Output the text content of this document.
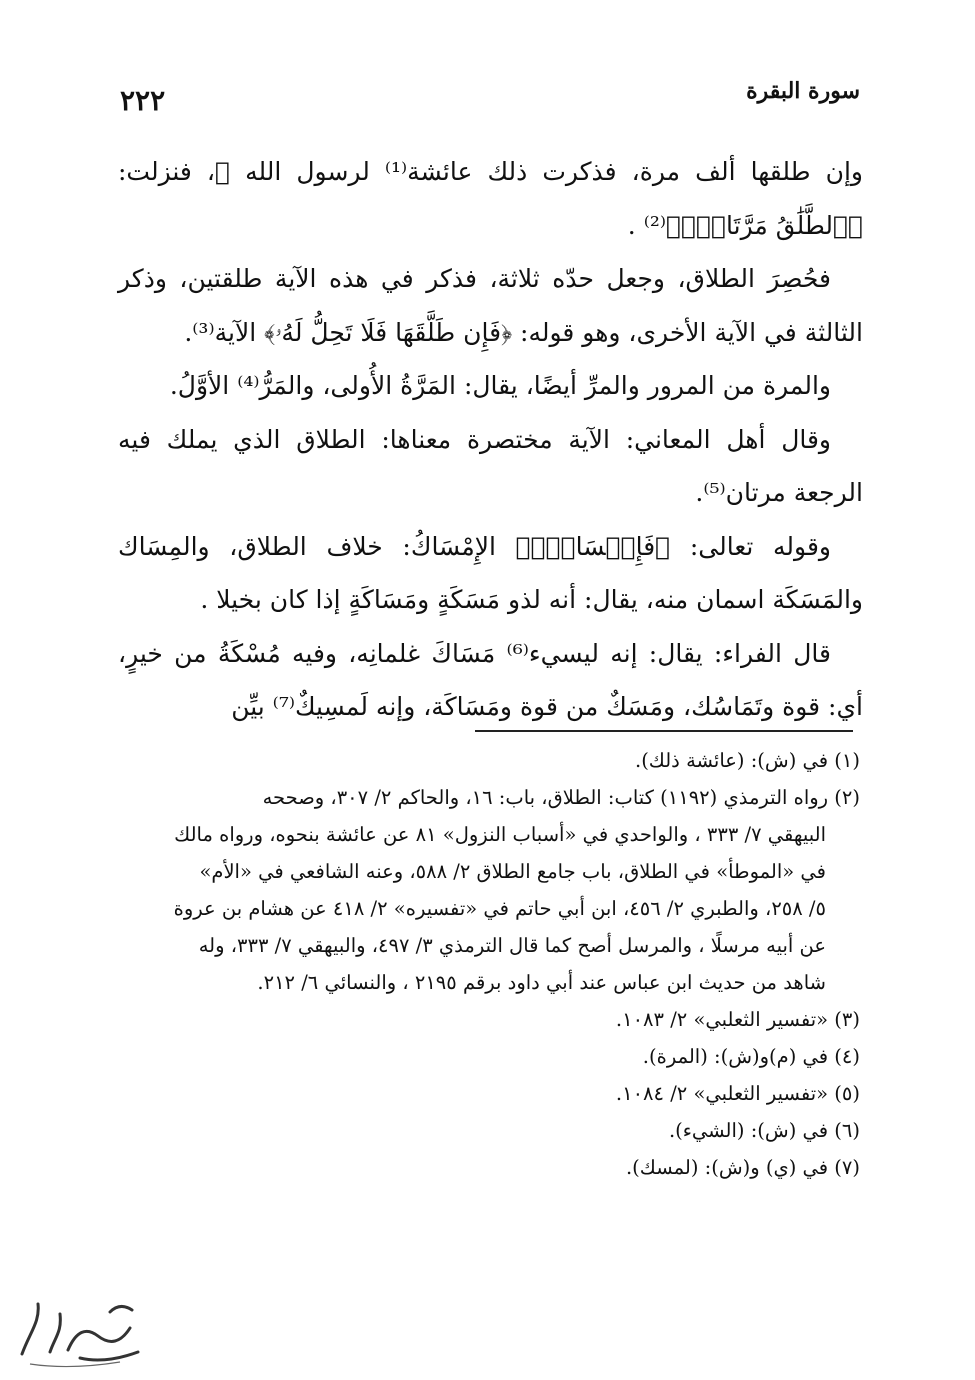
٢٢٢	سورة البقرة

وإن طلقها ألف مرة، فذكرت ذلك عائشة⁽¹⁾ لرسول الله ﷺ، فنزلت: ﴿ٱلطَّلَٰقُ مَرَّتَانِۖ﴾⁽²⁾ .

فحُصِرَ الطلاق، وجعل حدّه ثلاثة، فذكر في هذه الآية طلقتين، وذكر الثالثة في الآية الأخرى، وهو قوله: ﴿فَإِن طَلَّقَهَا فَلَا تَحِلُّ لَهُۥ﴾ الآية⁽³⁾.

والمرة من المرور والمرِّ أيضًا، يقال: المَرَّةُ الأُولى، والمَرُّ⁽⁴⁾ الأوَّلُ.

وقال أهل المعاني: الآية مختصرة معناها: الطلاق الذي يملك فيه الرجعة مرتان⁽⁵⁾.

وقوله تعالى: ﴿فَإِمۡسَاكُۢ﴾ الإِمْسَاكُ: خلاف الطلاق، والمِسَاك والمَسَكَة اسمان منه، يقال: أنه لذو مَسَكَةٍ ومَسَاكَةٍ إذا كان بخيلا .

قال الفراء: يقال: إنه ليسيء⁽⁶⁾ مَسَاكَ غلمانِه، وفيه مُسْكَةُ من خيرٍ، أي: قوة وتَمَاسُك، ومَسَكٌ من قوة ومَسَاكَة، وإنه لَمسِيكٌ⁽⁷⁾ بيِّن

(١) في (ش): (عائشة ذلك).

(٢) رواه الترمذي (١١٩٢) كتاب: الطلاق، باب: ١٦، والحاكم ٢/ ٣٠٧، وصححه

البيهقي ٧/ ٣٣٣ ، والواحدي في «أسباب النزول» ٨١ عن عائشة بنحوه، ورواه مالك

في «الموطأ» في الطلاق، باب جامع الطلاق ٢/ ٥٨٨، وعنه الشافعي في «الأم»

٥/ ٢٥٨، والطبري ٢/ ٤٥٦، ابن أبي حاتم في «تفسيره» ٢/ ٤١٨ عن هشام بن عروة

عن أبيه مرسلًا ، والمرسل أصح كما قال الترمذي ٣/ ٤٩٧، والبيهقي ٧/ ٣٣٣، وله

شاهد من حديث ابن عباس عند أبي داود برقم ٢١٩٥ ، والنسائي ٦/ ٢١٢.

(٣) «تفسير الثعلبي» ٢/ ١٠٨٣.

(٤) في (م)و(ش): (المرة).

(٥) «تفسير الثعلبي» ٢/ ١٠٨٤.

(٦) في (ش): (الشيء).

(٧) في (ي) و(ش): (لمسك).
